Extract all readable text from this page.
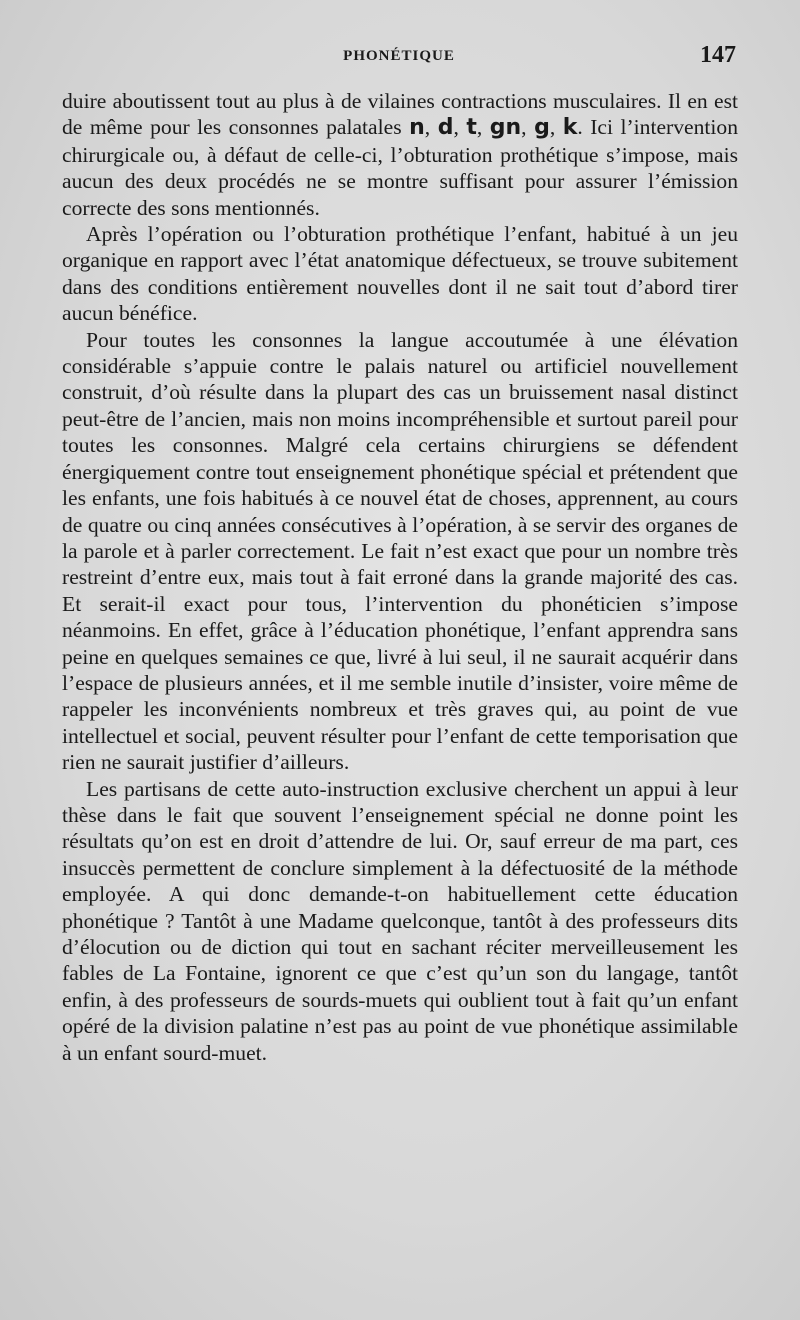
PHONÉTIQUE	147

duire aboutissent tout au plus à de vilaines contractions musculaires. Il en est de même pour les consonnes palatales n, d, t, gn, g, k. Ici l’intervention chirurgicale ou, à défaut de celle-ci, l’obturation prothétique s’impose, mais aucun des deux procédés ne se montre suffisant pour assurer l’émission correcte des sons mentionnés.

Après l’opération ou l’obturation prothétique l’enfant, habitué à un jeu organique en rapport avec l’état anatomique défectueux, se trouve subitement dans des conditions entièrement nouvelles dont il ne sait tout d’abord tirer aucun bénéfice.

Pour toutes les consonnes la langue accoutumée à une élévation considérable s’appuie contre le palais naturel ou artificiel nouvellement construit, d’où résulte dans la plupart des cas un bruissement nasal distinct peut-être de l’ancien, mais non moins incompréhensible et surtout pareil pour toutes les consonnes. Malgré cela certains chirurgiens se défendent énergiquement contre tout enseignement phonétique spécial et prétendent que les enfants, une fois habitués à ce nouvel état de choses, apprennent, au cours de quatre ou cinq années consécutives à l’opération, à se servir des organes de la parole et à parler correctement. Le fait n’est exact que pour un nombre très restreint d’entre eux, mais tout à fait erroné dans la grande majorité des cas. Et serait-il exact pour tous, l’intervention du phonéticien s’impose néanmoins. En effet, grâce à l’éducation phonétique, l’enfant apprendra sans peine en quelques semaines ce que, livré à lui seul, il ne saurait acquérir dans l’espace de plusieurs années, et il me semble inutile d’insister, voire même de rappeler les inconvénients nombreux et très graves qui, au point de vue intellectuel et social, peuvent résulter pour l’enfant de cette temporisation que rien ne saurait justifier d’ailleurs.

Les partisans de cette auto-instruction exclusive cherchent un appui à leur thèse dans le fait que souvent l’enseignement spécial ne donne point les résultats qu’on est en droit d’attendre de lui. Or, sauf erreur de ma part, ces insuccès permettent de conclure simplement à la défectuosité de la méthode employée. A qui donc demande-t-on habituellement cette éducation phonétique ? Tantôt à une Madame quelconque, tantôt à des professeurs dits d’élocution ou de diction qui tout en sachant réciter merveilleusement les fables de La Fontaine, ignorent ce que c’est qu’un son du langage, tantôt enfin, à des professeurs de sourds-muets qui oublient tout à fait qu’un enfant opéré de la division palatine n’est pas au point de vue phonétique assimilable à un enfant sourd-muet.
